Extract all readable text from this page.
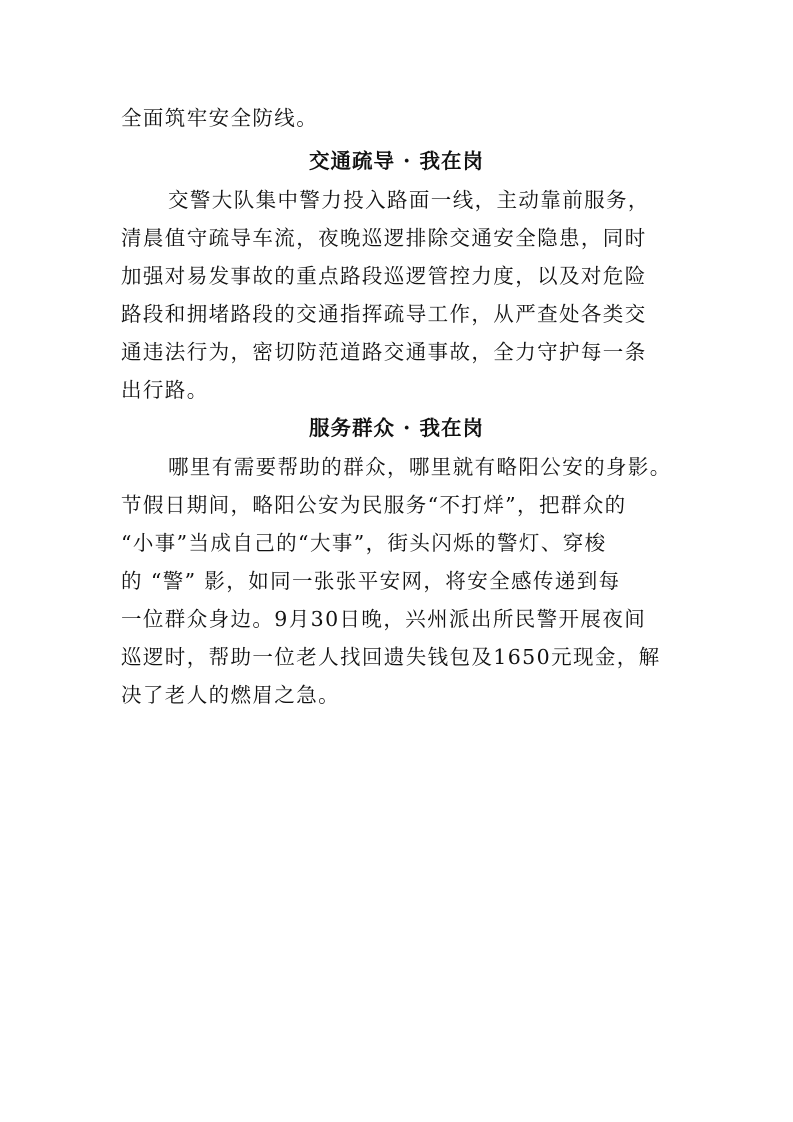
全面筑牢安全防线。
交通疏导 · 我在岗
交警大队集中警力投入路面一线，主动靠前服务，
清晨值守疏导车流，夜晚巡逻排除交通安全隐患，同时
加强对易发事故的重点路段巡逻管控力度，以及对危险
路段和拥堵路段的交通指挥疏导工作，从严查处各类交
通违法行为，密切防范道路交通事故，全力守护每一条
出行路。
服务群众 · 我在岗
哪里有需要帮助的群众，哪里就有略阳公安的身影。
节假日期间，略阳公安为民服务“不打烊”，把群众的
“小事”当成自己的“大事”，街头闪烁的警灯、穿梭
的 “警” 影，如同一张张平安网，将安全感传递到每
一位群众身边。9月30日晚，兴州派出所民警开展夜间
巡逻时，帮助一位老人找回遗失钱包及1650元现金，解
决了老人的燃眉之急。
